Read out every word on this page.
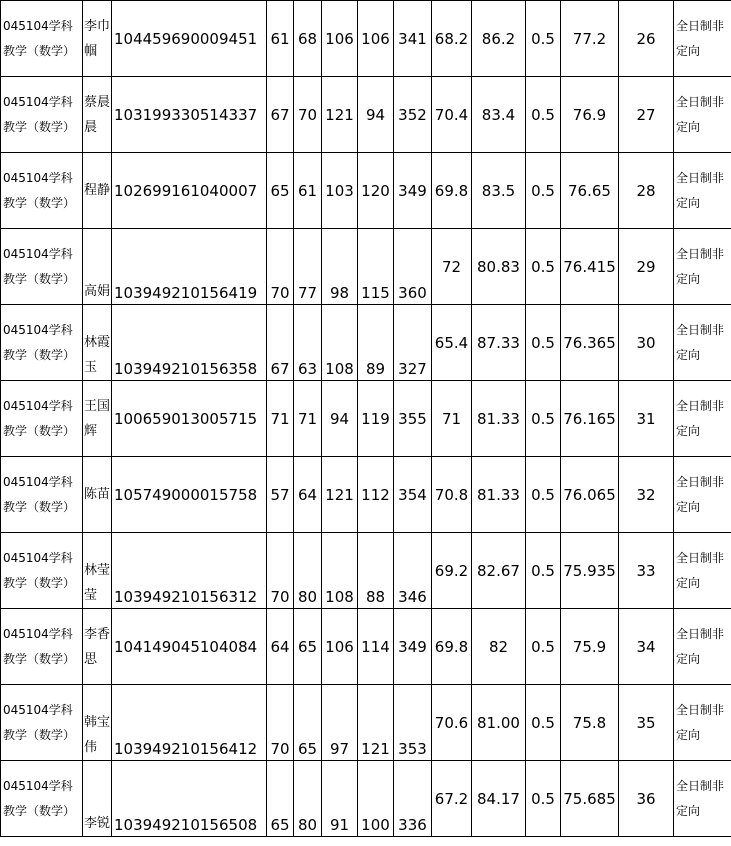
045104学科教学（数学）	李巾帼	104459690009451	61	68	106	106	341	68.2	86.2	0.5	77.2	26	全日制非定向
045104学科教学（数学）	蔡晨晨	103199330514337	67	70	121	94	352	70.4	83.4	0.5	76.9	27	全日制非定向
045104学科教学（数学）	程静	102699161040007	65	61	103	120	349	69.8	83.5	0.5	76.65	28	全日制非定向
045104学科教学（数学）	高娟	103949210156419	70	77	98	115	360	72	80.83	0.5	76.415	29	全日制非定向
045104学科教学（数学）	林霞玉	103949210156358	67	63	108	89	327	65.4	87.33	0.5	76.365	30	全日制非定向
045104学科教学（数学）	王国辉	100659013005715	71	71	94	119	355	71	81.33	0.5	76.165	31	全日制非定向
045104学科教学（数学）	陈苗	105749000015758	57	64	121	112	354	70.8	81.33	0.5	76.065	32	全日制非定向
045104学科教学（数学）	林莹莹	103949210156312	70	80	108	88	346	69.2	82.67	0.5	75.935	33	全日制非定向
045104学科教学（数学）	李香思	104149045104084	64	65	106	114	349	69.8	82	0.5	75.9	34	全日制非定向
045104学科教学（数学）	韩宝伟	103949210156412	70	65	97	121	353	70.6	81.00	0.5	75.8	35	全日制非定向
045104学科教学（数学）	李锐	103949210156508	65	80	91	100	336	67.2	84.17	0.5	75.685	36	全日制非定向
